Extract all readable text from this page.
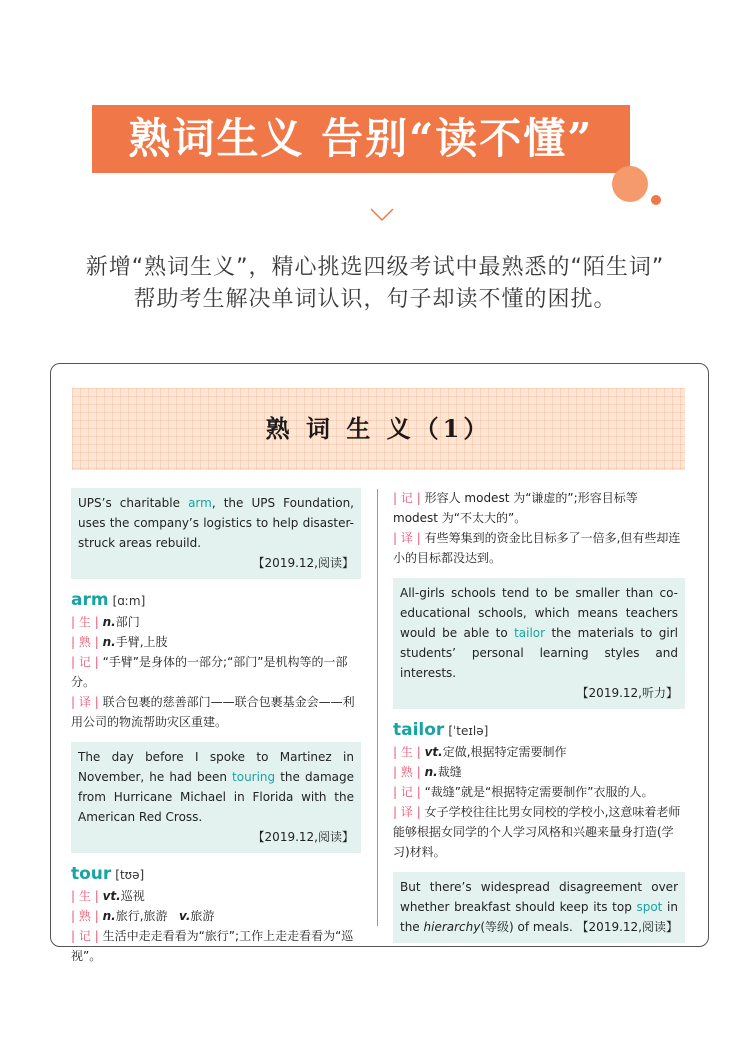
熟词生义 告别“读不懂”
新增“熟词生义”，精心挑选四级考试中最熟悉的“陌生词”
帮助考生解决单词认识，句子却读不懂的困扰。
熟 词 生 义（1）
UPS’s charitable arm, the UPS Foundation, uses the company’s logistics to help disaster-struck areas rebuild.
【2019.12,阅读】
arm [ɑːm]
| 生 | n.部门
| 熟 | n.手臂,上肢
| 记 | “手臂”是身体的一部分;“部门”是机构等的一部分。
| 译 | 联合包裹的慈善部门——联合包裹基金会——利用公司的物流帮助灾区重建。
The day before I spoke to Martinez in November, he had been touring the damage from Hurricane Michael in Florida with the American Red Cross.
【2019.12,阅读】
tour [tʊə]
| 生 | vt.巡视
| 熟 | n.旅行,旅游 v.旅游
| 记 | 生活中走走看看为“旅行”;工作上走走看看为“巡视”。
| 记 | 形容人 modest 为“谦虚的”;形容目标等 modest 为“不太大的”。
| 译 | 有些筹集到的资金比目标多了一倍多,但有些却连小的目标都没达到。
All-girls schools tend to be smaller than co-educational schools, which means teachers would be able to tailor the materials to girl students’ personal learning styles and interests.
【2019.12,听力】
tailor [ˈteɪlə]
| 生 | vt.定做,根据特定需要制作
| 熟 | n.裁缝
| 记 | “裁缝”就是“根据特定需要制作”衣服的人。
| 译 | 女子学校往往比男女同校的学校小,这意味着老师能够根据女同学的个人学习风格和兴趣来量身打造(学习)材料。
But there’s widespread disagreement over whether breakfast should keep its top spot in the hierarchy(等级) of meals. 【2019.12,阅读】
